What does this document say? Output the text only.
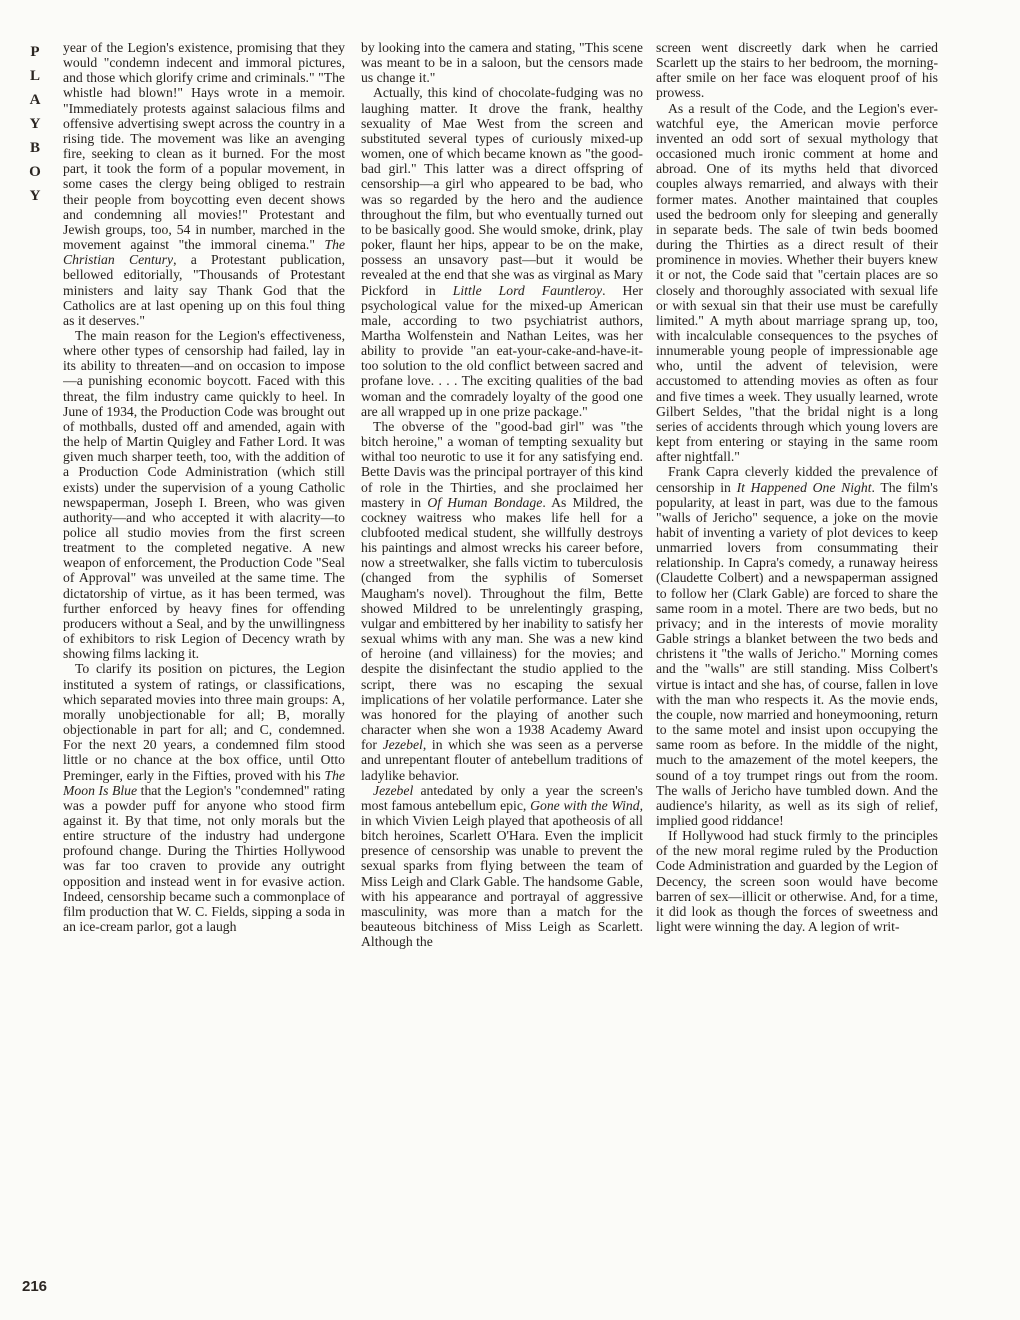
P
L
A
Y
B
O
Y

year of the Legion's existence, promising that they would "condemn indecent and immoral pictures, and those which glorify crime and criminals." "The whistle had blown!" Hays wrote in a memoir. "Immediately protests against salacious films and offensive advertising swept across the country in a rising tide. The movement was like an avenging fire, seeking to clean as it burned. For the most part, it took the form of a popular movement, in some cases the clergy being obliged to restrain their people from boycotting even decent shows and condemning all movies!" Protestant and Jewish groups, too, 54 in number, marched in the movement against "the immoral cinema." The Christian Century, a Protestant publication, bellowed editorially, "Thousands of Protestant ministers and laity say Thank God that the Catholics are at last opening up on this foul thing as it deserves."

The main reason for the Legion's effectiveness, where other types of censorship had failed, lay in its ability to threaten—and on occasion to impose—a punishing economic boycott. Faced with this threat, the film industry came quickly to heel. In June of 1934, the Production Code was brought out of mothballs, dusted off and amended, again with the help of Martin Quigley and Father Lord. It was given much sharper teeth, too, with the addition of a Production Code Administration (which still exists) under the supervision of a young Catholic newspaperman, Joseph I. Breen, who was given authority—and who accepted it with alacrity—to police all studio movies from the first screen treatment to the completed negative. A new weapon of enforcement, the Production Code "Seal of Approval" was unveiled at the same time. The dictatorship of virtue, as it has been termed, was further enforced by heavy fines for offending producers without a Seal, and by the unwillingness of exhibitors to risk Legion of Decency wrath by showing films lacking it.

To clarify its position on pictures, the Legion instituted a system of ratings, or classifications, which separated movies into three main groups: A, morally unobjectionable for all; B, morally objectionable in part for all; and C, condemned. For the next 20 years, a condemned film stood little or no chance at the box office, until Otto Preminger, early in the Fifties, proved with his The Moon Is Blue that the Legion's "condemned" rating was a powder puff for anyone who stood firm against it. By that time, not only morals but the entire structure of the industry had undergone profound change. During the Thirties Hollywood was far too craven to provide any outright opposition and instead went in for evasive action. Indeed, censorship became such a commonplace of film production that W. C. Fields, sipping a soda in an ice-cream parlor, got a laugh

by looking into the camera and stating, "This scene was meant to be in a saloon, but the censors made us change it."

Actually, this kind of chocolate-fudging was no laughing matter. It drove the frank, healthy sexuality of Mae West from the screen and substituted several types of curiously mixed-up women, one of which became known as "the good-bad girl." This latter was a direct offspring of censorship—a girl who appeared to be bad, who was so regarded by the hero and the audience throughout the film, but who eventually turned out to be basically good. She would smoke, drink, play poker, flaunt her hips, appear to be on the make, possess an unsavory past—but it would be revealed at the end that she was as virginal as Mary Pickford in Little Lord Fauntleroy. Her psychological value for the mixed-up American male, according to two psychiatrist authors, Martha Wolfenstein and Nathan Leites, was her ability to provide "an eat-your-cake-and-have-it-too solution to the old conflict between sacred and profane love. . . . The exciting qualities of the bad woman and the comradely loyalty of the good one are all wrapped up in one prize package."

The obverse of the "good-bad girl" was "the bitch heroine," a woman of tempting sexuality but withal too neurotic to use it for any satisfying end. Bette Davis was the principal portrayer of this kind of role in the Thirties, and she proclaimed her mastery in Of Human Bondage. As Mildred, the cockney waitress who makes life hell for a clubfooted medical student, she willfully destroys his paintings and almost wrecks his career before, now a streetwalker, she falls victim to tuberculosis (changed from the syphilis of Somerset Maugham's novel). Throughout the film, Bette showed Mildred to be unrelentingly grasping, vulgar and embittered by her inability to satisfy her sexual whims with any man. She was a new kind of heroine (and villainess) for the movies; and despite the disinfectant the studio applied to the script, there was no escaping the sexual implications of her volatile performance. Later she was honored for the playing of another such character when she won a 1938 Academy Award for Jezebel, in which she was seen as a perverse and unrepentant flouter of antebellum traditions of ladylike behavior.

Jezebel antedated by only a year the screen's most famous antebellum epic, Gone with the Wind, in which Vivien Leigh played that apotheosis of all bitch heroines, Scarlett O'Hara. Even the implicit presence of censorship was unable to prevent the sexual sparks from flying between the team of Miss Leigh and Clark Gable. The handsome Gable, with his appearance and portrayal of aggressive masculinity, was more than a match for the beauteous bitchiness of Miss Leigh as Scarlett. Although the

screen went discreetly dark when he carried Scarlett up the stairs to her bedroom, the morning-after smile on her face was eloquent proof of his prowess.

As a result of the Code, and the Legion's ever-watchful eye, the American movie perforce invented an odd sort of sexual mythology that occasioned much ironic comment at home and abroad. One of its myths held that divorced couples always remarried, and always with their former mates. Another maintained that couples used the bedroom only for sleeping and generally in separate beds. The sale of twin beds boomed during the Thirties as a direct result of their prominence in movies. Whether their buyers knew it or not, the Code said that "certain places are so closely and thoroughly associated with sexual life or with sexual sin that their use must be carefully limited." A myth about marriage sprang up, too, with incalculable consequences to the psyches of innumerable young people of impressionable age who, until the advent of television, were accustomed to attending movies as often as four and five times a week. They usually learned, wrote Gilbert Seldes, "that the bridal night is a long series of accidents through which young lovers are kept from entering or staying in the same room after nightfall."

Frank Capra cleverly kidded the prevalence of censorship in It Happened One Night. The film's popularity, at least in part, was due to the famous "walls of Jericho" sequence, a joke on the movie habit of inventing a variety of plot devices to keep unmarried lovers from consummating their relationship. In Capra's comedy, a runaway heiress (Claudette Colbert) and a newspaperman assigned to follow her (Clark Gable) are forced to share the same room in a motel. There are two beds, but no privacy; and in the interests of movie morality Gable strings a blanket between the two beds and christens it "the walls of Jericho." Morning comes and the "walls" are still standing. Miss Colbert's virtue is intact and she has, of course, fallen in love with the man who respects it. As the movie ends, the couple, now married and honeymooning, return to the same motel and insist upon occupying the same room as before. In the middle of the night, much to the amazement of the motel keepers, the sound of a toy trumpet rings out from the room. The walls of Jericho have tumbled down. And the audience's hilarity, as well as its sigh of relief, implied good riddance!

If Hollywood had stuck firmly to the principles of the new moral regime ruled by the Production Code Administration and guarded by the Legion of Decency, the screen soon would have become barren of sex—illicit or otherwise. And, for a time, it did look as though the forces of sweetness and light were winning the day. A legion of writ-

216
